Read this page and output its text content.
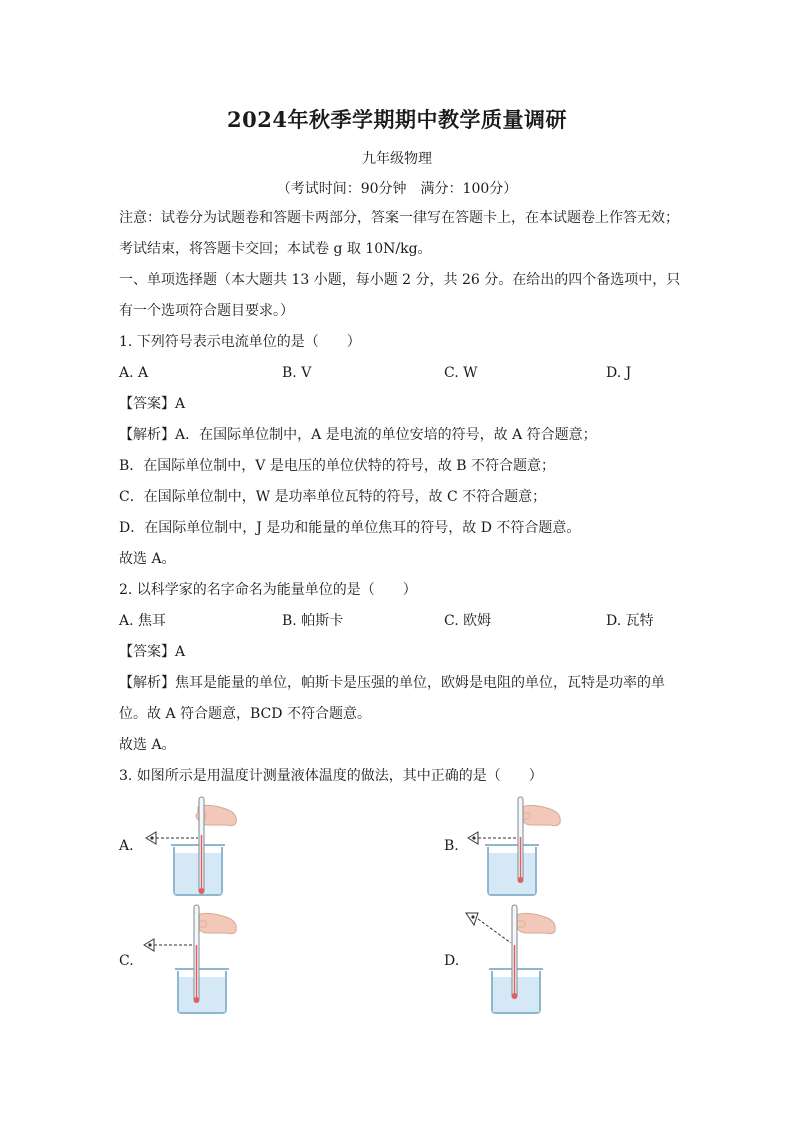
2024年秋季学期期中教学质量调研
九年级物理
（考试时间：90分钟　满分：100分）
注意：试卷分为试题卷和答题卡两部分，答案一律写在答题卡上，在本试题卷上作答无效；
考试结束，将答题卡交回；本试卷 g 取 10N/kg。
一、单项选择题（本大题共 13 小题，每小题 2 分，共 26 分。在给出的四个备选项中，只
有一个选项符合题目要求。）
1. 下列符号表示电流单位的是（　　）
A. A	B. V	C. W	D. J
【答案】A
【解析】A．在国际单位制中，A 是电流的单位安培的符号，故 A 符合题意；
B．在国际单位制中，V 是电压的单位伏特的符号，故 B 不符合题意；
C．在国际单位制中，W 是功率单位瓦特的符号，故 C 不符合题意；
D．在国际单位制中，J 是功和能量的单位焦耳的符号，故 D 不符合题意。
故选 A。
2. 以科学家的名字命名为能量单位的是（　　）
A. 焦耳	B. 帕斯卡	C. 欧姆	D. 瓦特
【答案】A
【解析】焦耳是能量的单位，帕斯卡是压强的单位，欧姆是电阻的单位，瓦特是功率的单
位。故 A 符合题意，BCD 不符合题意。
故选 A。
3. 如图所示是用温度计测量液体温度的做法，其中正确的是（　　）
A.	B.
C.	D.
